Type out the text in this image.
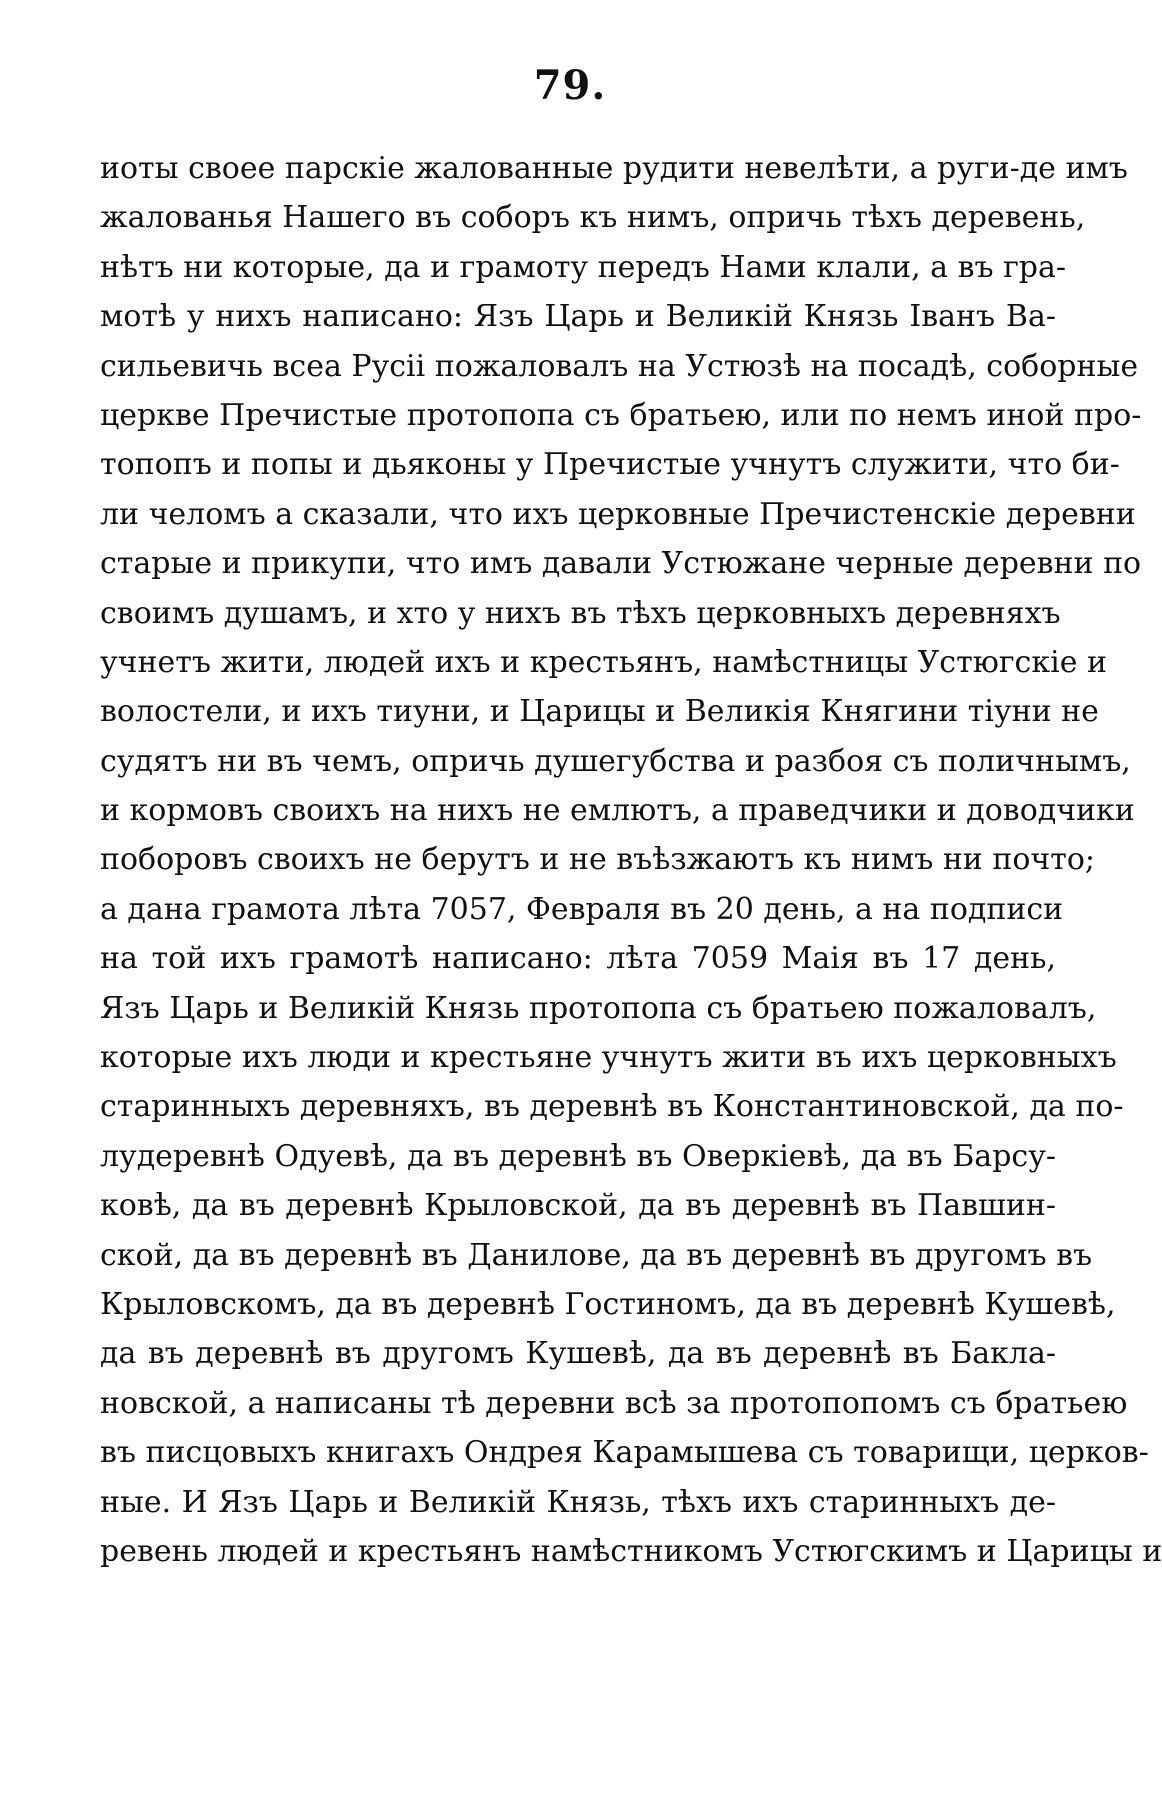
79.
иоты своее парскіе жалованные рудити невелѣти, а руги-де имъ
жалованья Нашего въ соборъ къ нимъ, опричь тѣхъ деревень,
нѣтъ ни которые, да и грамоту передъ Нами клали, а въ гра-
мотѣ у нихъ написано: Язъ Царь и Великій Князь Іванъ Ва-
сильевичь всеа Русіі пожаловалъ на Устюзѣ на посадѣ, соборные
церкве Пречистые протопопа съ братьею, или по немъ иной про-
топопъ и попы и дьяконы у Пречистые учнутъ служити, что би-
ли челомъ а сказали, что ихъ церковные Пречистенскіе деревни
старые и прикупи, что имъ давали Устюжане черные деревни по
своимъ душамъ, и хто у нихъ въ тѣхъ церковныхъ деревняхъ
учнетъ жити, людей ихъ и крестьянъ, намѣстницы Устюгскіе и
волостели, и ихъ тиуни, и Царицы и Великія Княгини тіуни не
судятъ ни въ чемъ, опричь душегубства и разбоя съ поличнымъ,
и кормовъ своихъ на нихъ не емлютъ, а праведчики и доводчики
поборовъ своихъ не берутъ и не въѣзжаютъ къ нимъ ни почто;
а дана грамота лѣта 7057, Февраля въ 20 день, а на подписи
на той ихъ грамотѣ написано: лѣта 7059 Маія въ 17 день,
Язъ Царь и Великій Князь протопопа съ братьею пожаловалъ,
которые ихъ люди и крестьяне учнутъ жити въ ихъ церковныхъ
старинныхъ деревняхъ, въ деревнѣ въ Константиновской, да по-
лудеревнѣ Одуевѣ, да въ деревнѣ въ Оверкіевѣ, да въ Барсу-
ковѣ, да въ деревнѣ Крыловской, да въ деревнѣ въ Павшин-
ской, да въ деревнѣ въ Данилове, да въ деревнѣ въ другомъ въ
Крыловскомъ, да въ деревнѣ Гостиномъ, да въ деревнѣ Кушевѣ,
да въ деревнѣ въ другомъ Кушевѣ, да въ деревнѣ въ Бакла-
новской, а написаны тѣ деревни всѣ за протопопомъ съ братьею
въ писцовыхъ книгахъ Ондрея Карамышева съ товарищи, церков-
ные. И Язъ Царь и Великій Князь, тѣхъ ихъ старинныхъ де-
ревень людей и крестьянъ намѣстникомъ Устюгскимъ и Царицы и
